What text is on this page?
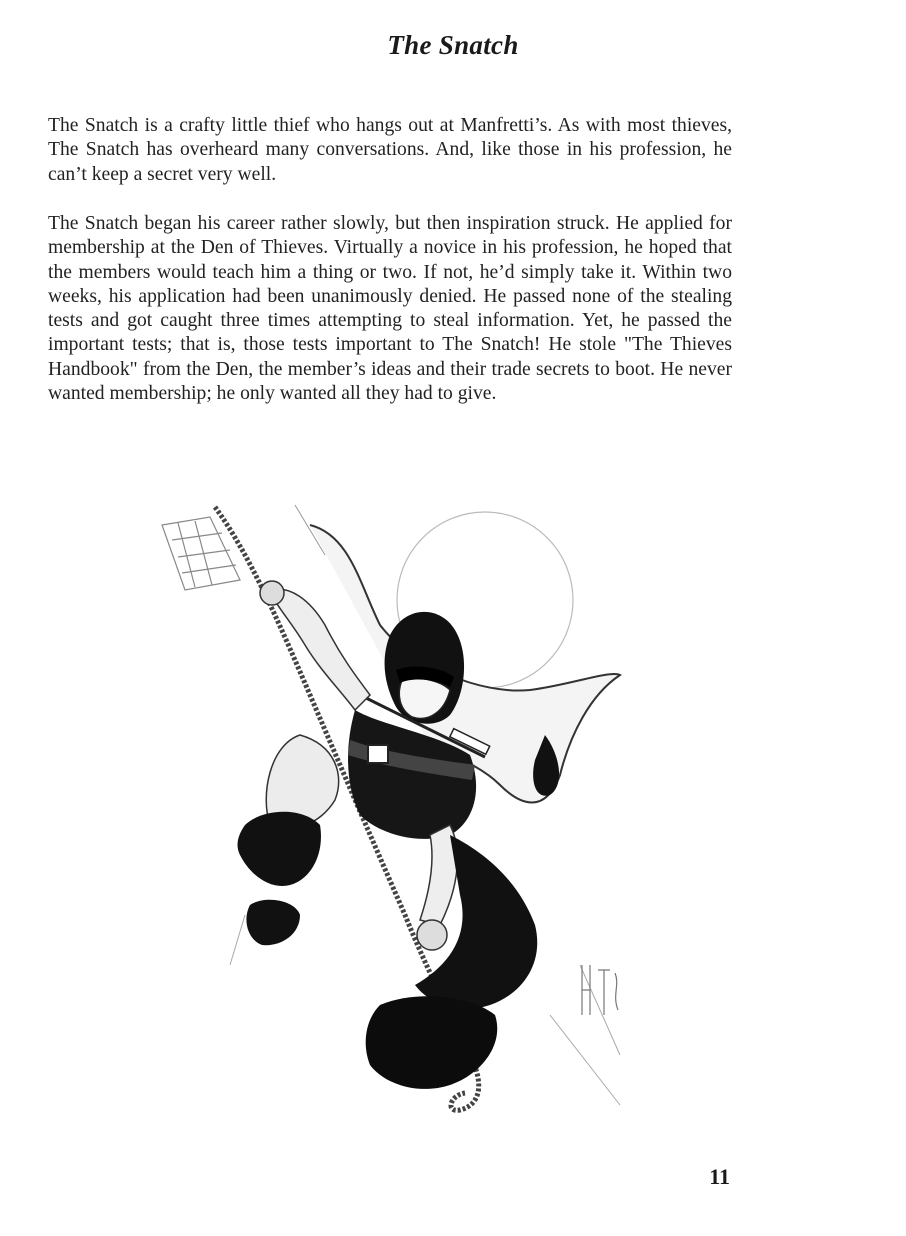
The Snatch

The Snatch is a crafty little thief who hangs out at Manfretti’s. As with most thieves, The Snatch has overheard many conversations. And, like those in his profession, he can’t keep a secret very well.

The Snatch began his career rather slowly, but then inspiration struck. He applied for membership at the Den of Thieves. Virtually a novice in his profession, he hoped that the members would teach him a thing or two. If not, he’d simply take it. Within two weeks, his application had been unanimously denied. He passed none of the stealing tests and got caught three times attempting to steal information. Yet, he passed the important tests; that is, those tests important to The Snatch! He stole "The Thieves Handbook" from the Den, the member’s ideas and their trade secrets to boot. He never wanted membership; he only wanted all they had to give.

11
